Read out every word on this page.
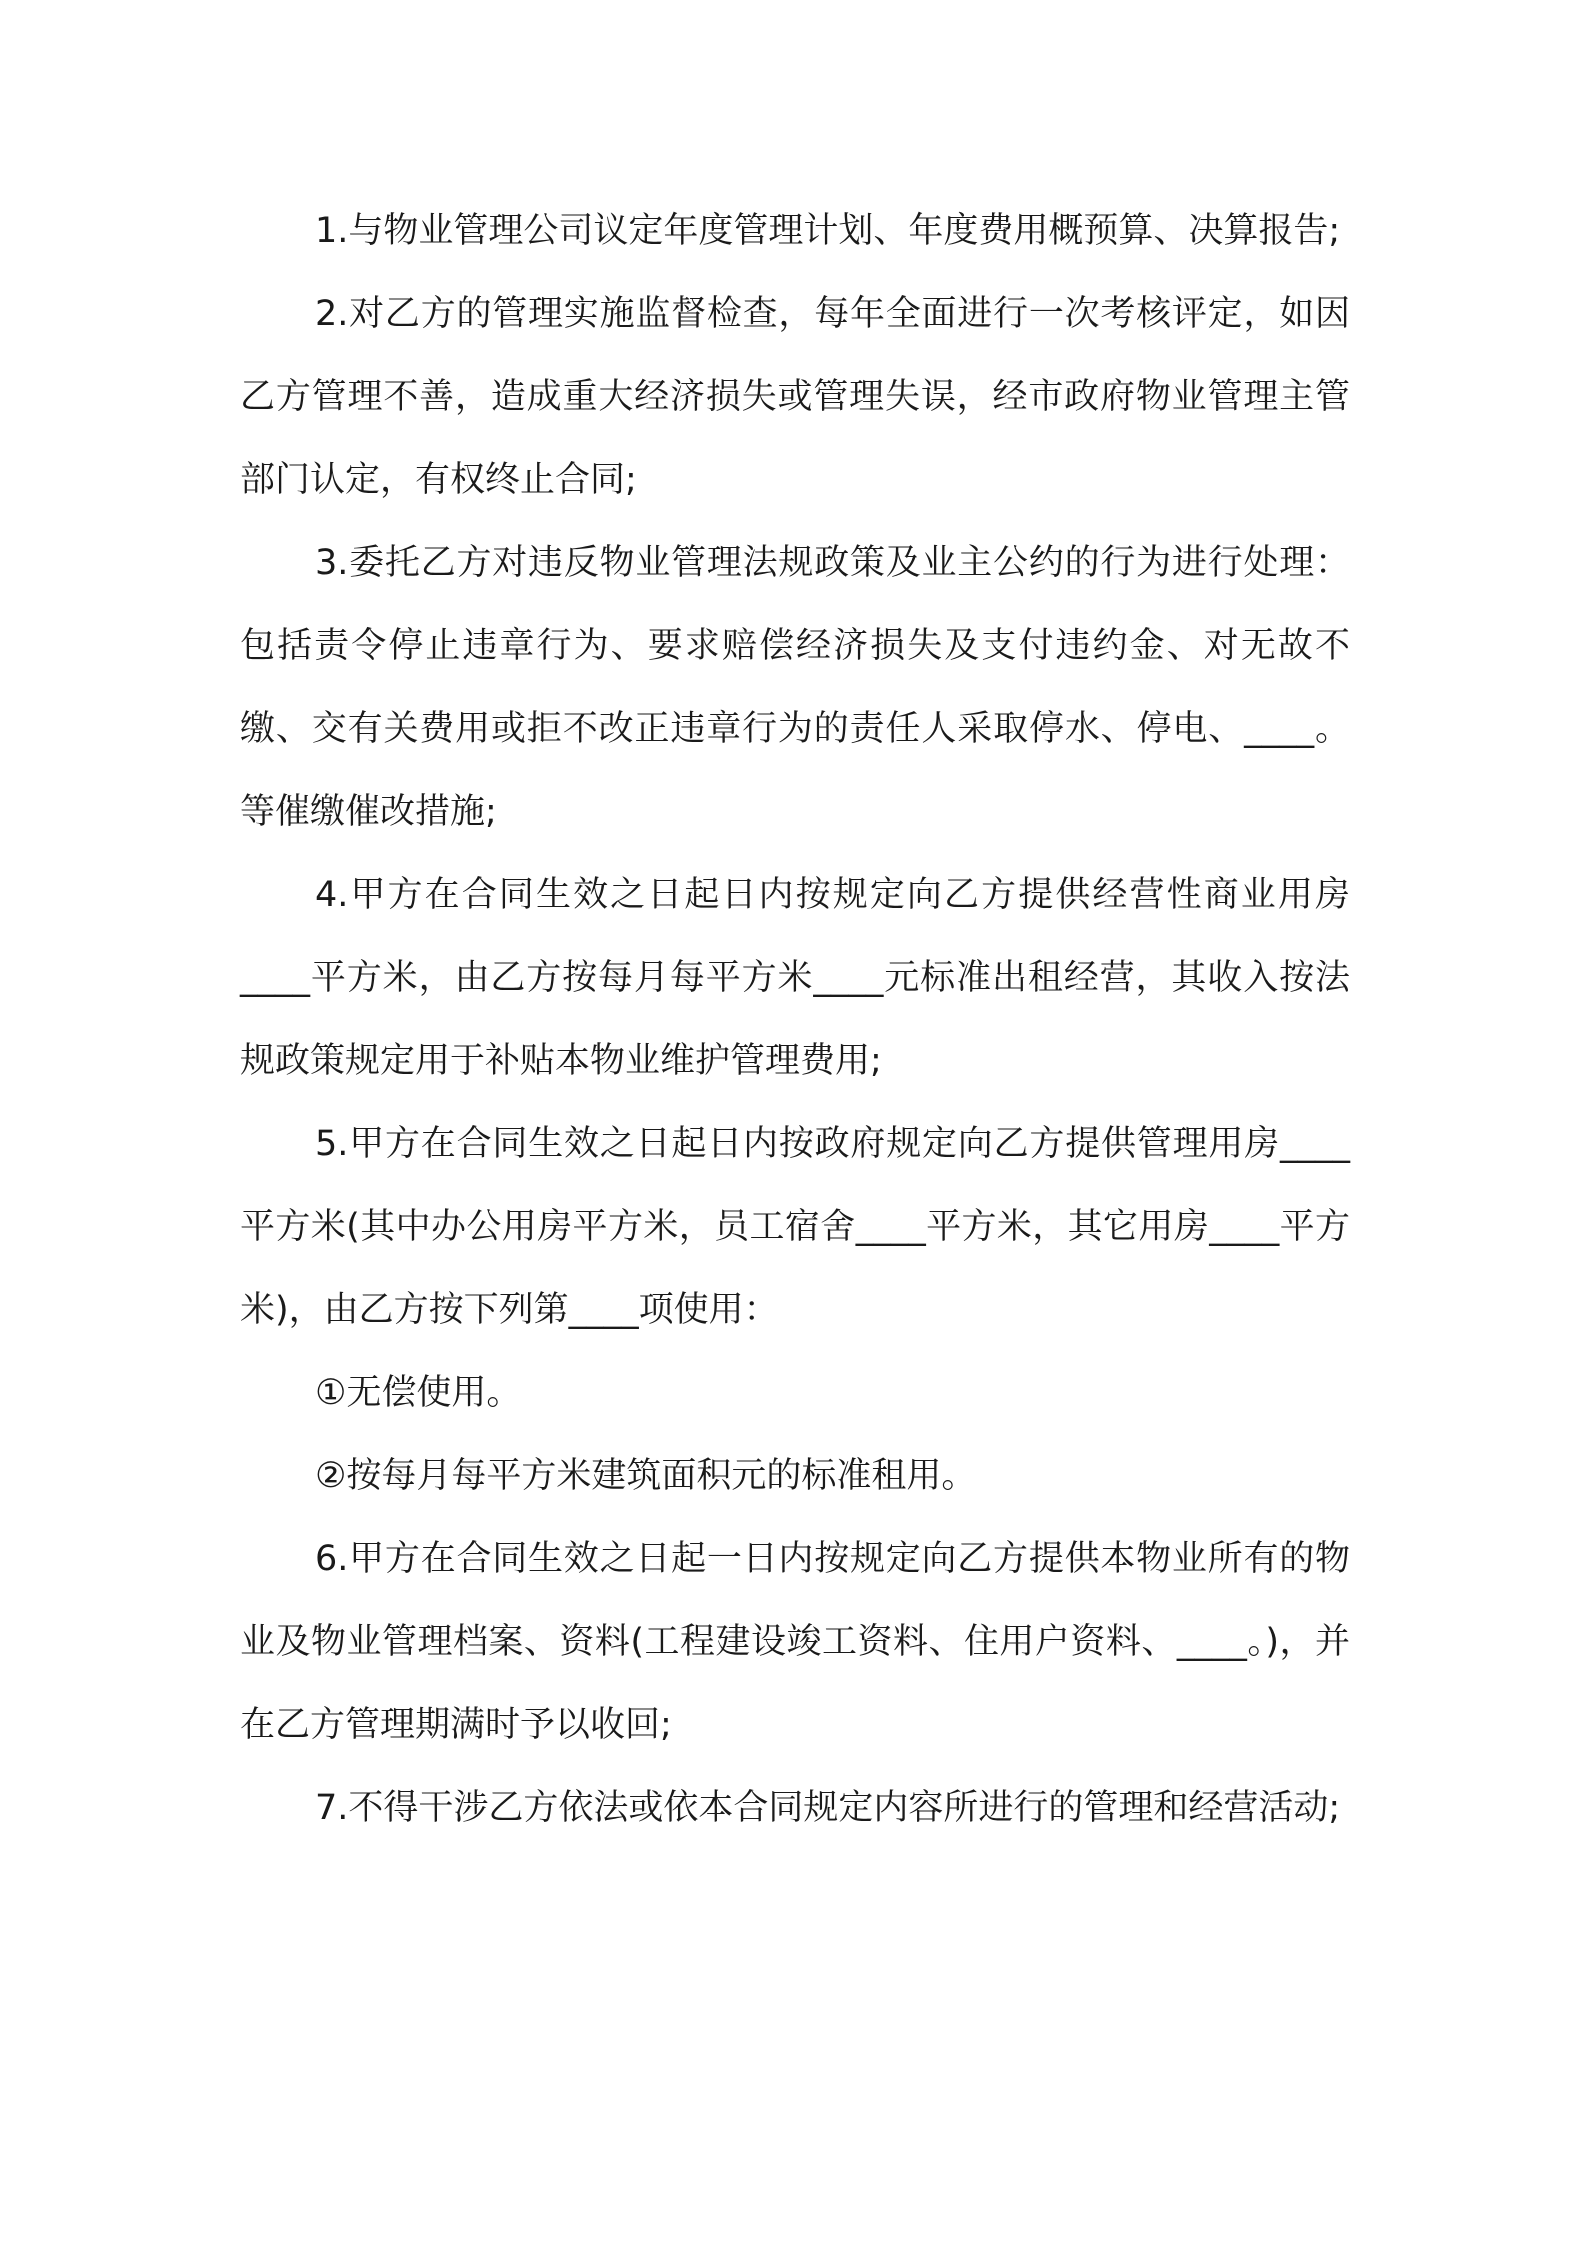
1.与物业管理公司议定年度管理计划、年度费用概预算、决算报告;

2.对乙方的管理实施监督检查，每年全面进行一次考核评定，如因乙方管理不善，造成重大经济损失或管理失误，经市政府物业管理主管部门认定，有权终止合同;

3.委托乙方对违反物业管理法规政策及业主公约的行为进行处理：包括责令停止违章行为、要求赔偿经济损失及支付违约金、对无故不缴、交有关费用或拒不改正违章行为的责任人采取停水、停电、____。等催缴催改措施;

4.甲方在合同生效之日起日内按规定向乙方提供经营性商业用房____平方米，由乙方按每月每平方米____元标准出租经营，其收入按法规政策规定用于补贴本物业维护管理费用;

5.甲方在合同生效之日起日内按政府规定向乙方提供管理用房____平方米(其中办公用房平方米，员工宿舍____平方米，其它用房____平方米)，由乙方按下列第____项使用：

①无偿使用。

②按每月每平方米建筑面积元的标准租用。

6.甲方在合同生效之日起一日内按规定向乙方提供本物业所有的物业及物业管理档案、资料(工程建设竣工资料、住用户资料、____。)，并在乙方管理期满时予以收回;

7.不得干涉乙方依法或依本合同规定内容所进行的管理和经营活动;
